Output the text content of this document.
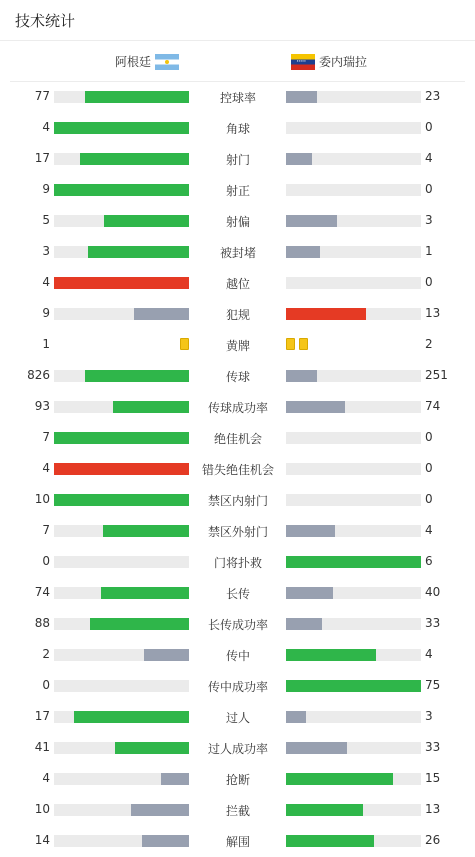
技术统计
阿根廷
·····	委内瑞拉
77	控球率	23
4	角球	0
17	射门	4
9	射正	0
5	射偏	3
3	被封堵	1
4	越位	0
9	犯规	13
1	黄牌	2
826	传球	251
93	传球成功率	74
7	绝佳机会	0
4	错失绝佳机会	0
10	禁区内射门	0
7	禁区外射门	4
0	门将扑救	6
74	长传	40
88	长传成功率	33
2	传中	4
0	传中成功率	75
17	过人	3
41	过人成功率	33
4	抢断	15
10	拦截	13
14	解围	26
